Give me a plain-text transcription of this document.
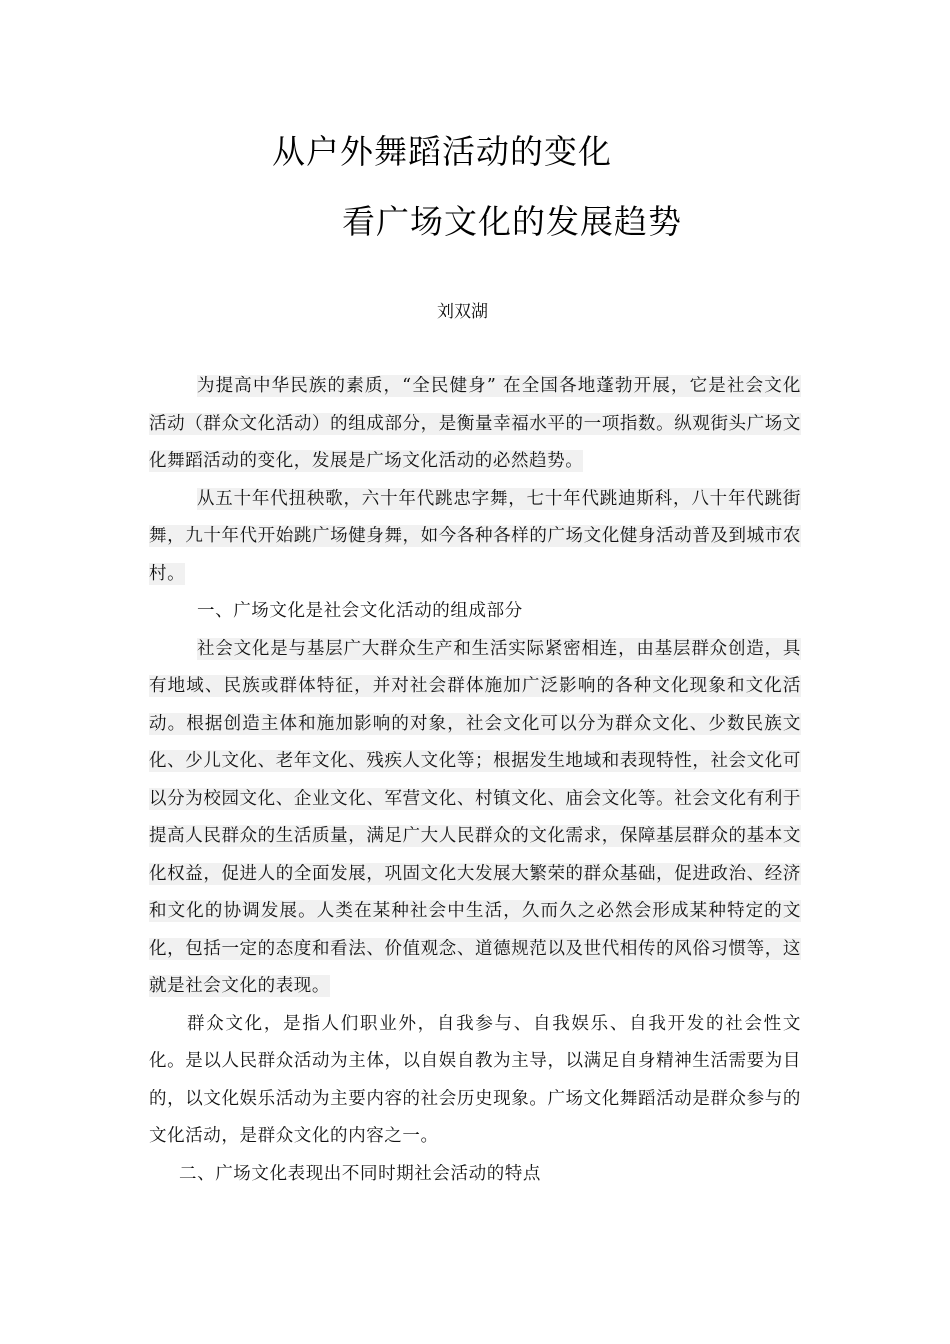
从户外舞蹈活动的变化
看广场文化的发展趋势
刘双湖

为提高中华民族的素质，“全民健身” 在全国各地蓬勃开展，它是社会文化活动（群众文化活动）的组成部分，是衡量幸福水平的一项指数。纵观街头广场文化舞蹈活动的变化，发展是广场文化活动的必然趋势。

从五十年代扭秧歌，六十年代跳忠字舞，七十年代跳迪斯科，八十年代跳街舞，九十年代开始跳广场健身舞，如今各种各样的广场文化健身活动普及到城市农村。

一、广场文化是社会文化活动的组成部分

社会文化是与基层广大群众生产和生活实际紧密相连，由基层群众创造，具有地域、民族或群体特征，并对社会群体施加广泛影响的各种文化现象和文化活动。根据创造主体和施加影响的对象，社会文化可以分为群众文化、少数民族文化、少儿文化、老年文化、残疾人文化等；根据发生地域和表现特性，社会文化可以分为校园文化、企业文化、军营文化、村镇文化、庙会文化等。社会文化有利于提高人民群众的生活质量，满足广大人民群众的文化需求，保障基层群众的基本文化权益，促进人的全面发展，巩固文化大发展大繁荣的群众基础，促进政治、经济和文化的协调发展。人类在某种社会中生活，久而久之必然会形成某种特定的文化，包括一定的态度和看法、价值观念、道德规范以及世代相传的风俗习惯等，这就是社会文化的表现。

群众文化，是指人们职业外，自我参与、自我娱乐、自我开发的社会性文化。是以人民群众活动为主体，以自娱自教为主导，以满足自身精神生活需要为目的，以文化娱乐活动为主要内容的社会历史现象。广场文化舞蹈活动是群众参与的文化活动，是群众文化的内容之一。

二、广场文化表现出不同时期社会活动的特点
